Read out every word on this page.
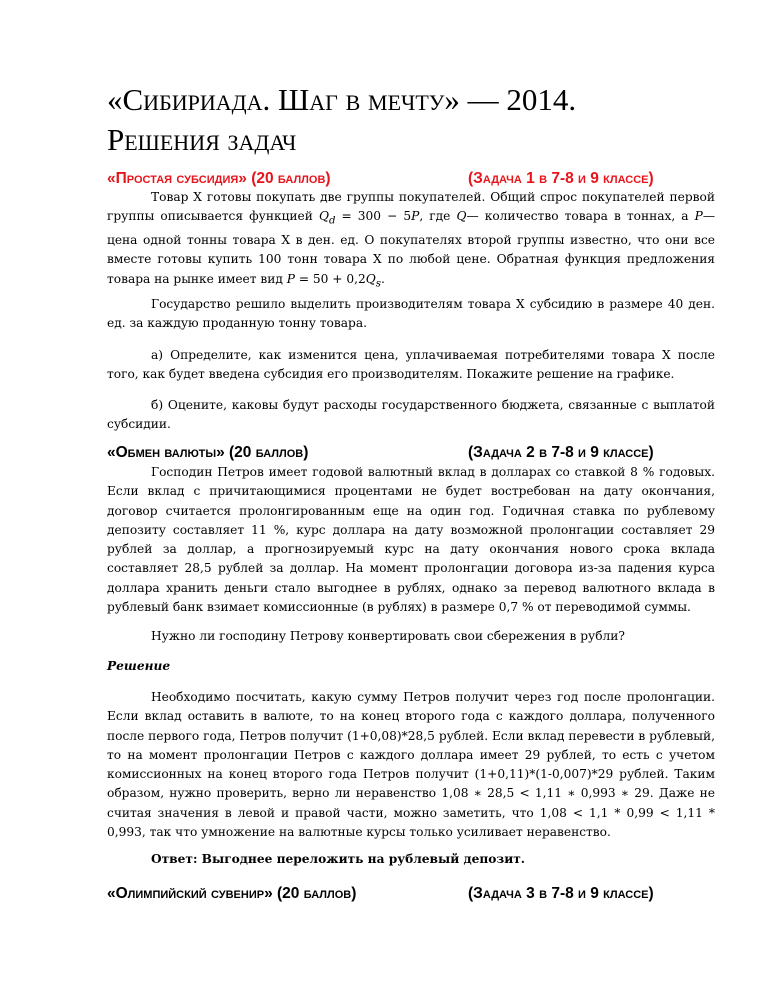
«Сибириада. Шаг в мечту» — 2014. Решения задач
«Простая субсидия» (20 баллов)	(Задача 1 в 7-8 и 9 классе)

Товар X готовы покупать две группы покупателей. Общий спрос покупателей первой группы описывается функцией $Q_d = 300 - 5P$, где Q— количество товара в тоннах, а P— цена одной тонны товара X в ден. ед. О покупателях второй группы известно, что они все вместе готовы купить 100 тонн товара X по любой цене. Обратная функция предложения товара на рынке имеет вид $P = 50 + 0,2Q_s$.

Государство решило выделить производителям товара X субсидию в размере 40 ден. ед. за каждую проданную тонну товара.

а) Определите, как изменится цена, уплачиваемая потребителями товара X после того, как будет введена субсидия его производителям. Покажите решение на графике.

б) Оцените, каковы будут расходы государственного бюджета, связанные с выплатой субсидии.

«Обмен валюты» (20 баллов)	(Задача 2 в 7-8 и 9 классе)

Господин Петров имеет годовой валютный вклад в долларах со ставкой 8 % годовых. Если вклад с причитающимися процентами не будет востребован на дату окончания, договор считается пролонгированным еще на один год. Годичная ставка по рублевому депозиту составляет 11 %, курс доллара на дату возможной пролонгации составляет 29 рублей за доллар, а прогнозируемый курс на дату окончания нового срока вклада составляет 28,5 рублей за доллар. На момент пролонгации договора из-за падения курса доллара хранить деньги стало выгоднее в рублях, однако за перевод валютного вклада в рублевый банк взимает комиссионные (в рублях) в размере 0,7 % от переводимой суммы.

Нужно ли господину Петрову конвертировать свои сбережения в рубли?

Решение

Необходимо посчитать, какую сумму Петров получит через год после пролонгации. Если вклад оставить в валюте, то на конец второго года с каждого доллара, полученного после первого года, Петров получит (1+0,08)*28,5 рублей. Если вклад перевести в рублевый, то на момент пролонгации Петров с каждого доллара имеет 29 рублей, то есть с учетом комиссионных на конец второго года Петров получит (1+0,11)*(1-0,007)*29 рублей. Таким образом, нужно проверить, верно ли неравенство 1,08 ∗ 28,5 < 1,11 ∗ 0,993 ∗ 29. Даже не считая значения в левой и правой части, можно заметить, что 1,08 < 1,1 * 0,99 < 1,11 * 0,993, так что умножение на валютные курсы только усиливает неравенство.

Ответ: Выгоднее переложить на рублевый депозит.

«Олимпийский сувенир» (20 баллов)	(Задача 3 в 7-8 и 9 классе)
